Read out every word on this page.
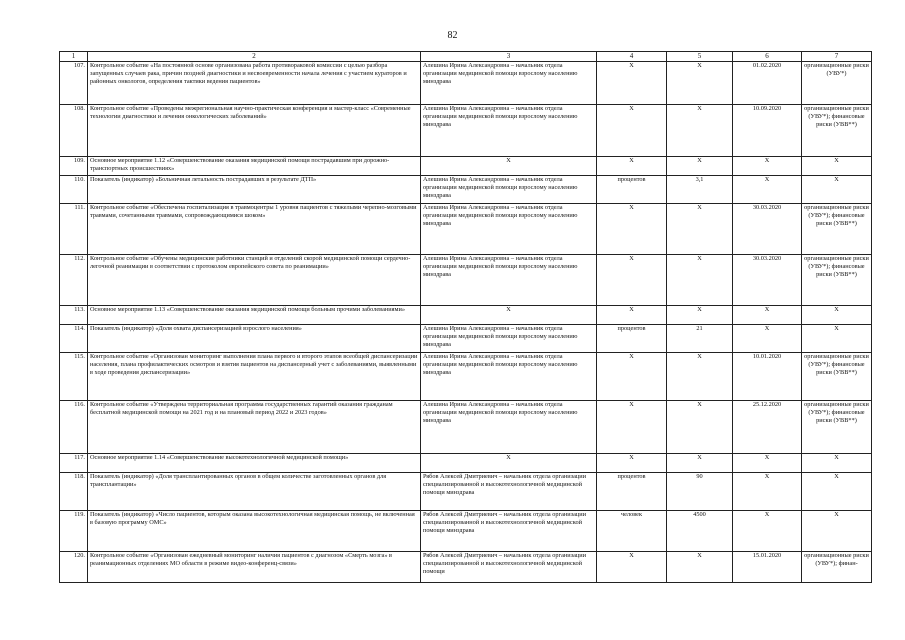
82
1	2	3	4	5	6	7
107.	Контрольное событие «На постоянной основе организована работа противораковой комиссии с целью разбора запущенных случаев рака, причин поздней диагностики и несвоевременности начала лечения с участием кураторов и районных онкологов, определения тактики ведения пациентов»	Алешина Ирина Александровна – начальник отдела организации медицинской помощи взрослому населению минздрава	X	X	01.02.2020	организационные риски (УВУ*)
108.	Контрольное событие «Проведены межрегиональная научно-практическая конференция и мастер-класс «Современные технологии диагностики и лечения онкологических заболеваний»	Алешина Ирина Александровна – начальник отдела организации медицинской помощи взрослому населению минздрава	X	X	10.09.2020	организационные риски (УВУ*); финансовые риски (УВВ**)
109.	Основное мероприятие 1.12 «Совершенствование оказания медицинской помощи пострадавшим при дорожно-транспортных происшествиях»	X	X	X	X	X
110.	Показатель (индикатор) «Больничная летальность пострадавших в результате ДТП»	Алешина Ирина Александровна – начальник отдела организации медицинской помощи взрослому населению минздрава	процентов	3,1	X	X
111.	Контрольное событие «Обеспечена госпитализация в травмоцентры 1 уровня пациентов с тяжелыми черепно-мозговыми травмами, сочетанными травмами, сопровождающимися шоком»	Алешина Ирина Александровна – начальник отдела организации медицинской помощи взрослому населению минздрава	X	X	30.03.2020	организационные риски (УВУ*); финансовые риски (УВВ**)
112.	Контрольное событие «Обучены медицинские работники станций и отделений скорой медицинской помощи сердечно-легочной реанимации в соответствии с протоколом европейского совета по реанимации»	Алешина Ирина Александровна – начальник отдела организации медицинской помощи взрослому населению минздрава	X	X	30.03.2020	организационные риски (УВУ*); финансовые риски (УВВ**)
113.	Основное мероприятие 1.13 «Совершенствование оказания медицинской помощи больным прочими заболеваниями»	X	X	X	X	X
114.	Показатель (индикатор) «Доля охвата диспансеризацией взрослого населения»	Алешина Ирина Александровна – начальник отдела организации медицинской помощи взрослому населению минздрава	процентов	21	X	X
115.	Контрольное событие «Организован мониторинг выполнения плана первого и второго этапов всеобщей диспансеризации населения, плана профилактических осмотров и взятия пациентов на диспансерный учет с заболеваниями, выявленными в ходе проведения диспансеризации»	Алешина Ирина Александровна – начальник отдела организации медицинской помощи взрослому населению минздрава	X	X	10.01.2020	организационные риски (УВУ*); финансовые риски (УВВ**)
116.	Контрольное событие «Утверждена территориальная программа государственных гарантий оказания гражданам бесплатной медицинской помощи на 2021 год и на плановый период 2022 и 2023 годов»	Алешина Ирина Александровна – начальник отдела организации медицинской помощи взрослому населению минздрава	X	X	25.12.2020	организационные риски (УВУ*); финансовые риски (УВВ**)
117.	Основное мероприятие 1.14 «Совершенствование высокотехнологичной медицинской помощи»	X	X	X	X	X
118.	Показатель (индикатор) «Доля трансплантированных органов в общем количестве заготовленных органов для трансплантации»	Рябов Алексей Дмитриевич – начальник отдела организации специализированной и высокотехнологичной медицинской помощи минздрава	процентов	90	X	X
119.	Показатель (индикатор) «Число пациентов, которым оказана высокотехнологичная медицинская помощь, не включенная в базовую программу ОМС»	Рябов Алексей Дмитриевич – начальник отдела организации специализированной и высокотехнологичной медицинской помощи минздрава	человек	4500	X	X
120.	Контрольное событие «Организован ежедневный мониторинг наличия пациентов с диагнозом «Смерть мозга» в реанимационных отделениях МО области в режиме видео-конференц-связи»	Рябов Алексей Дмитриевич – начальник отдела организации специализированной и высокотехнологичной медицинской помощи	X	X	15.01.2020	организационные риски (УВУ*); финан-
